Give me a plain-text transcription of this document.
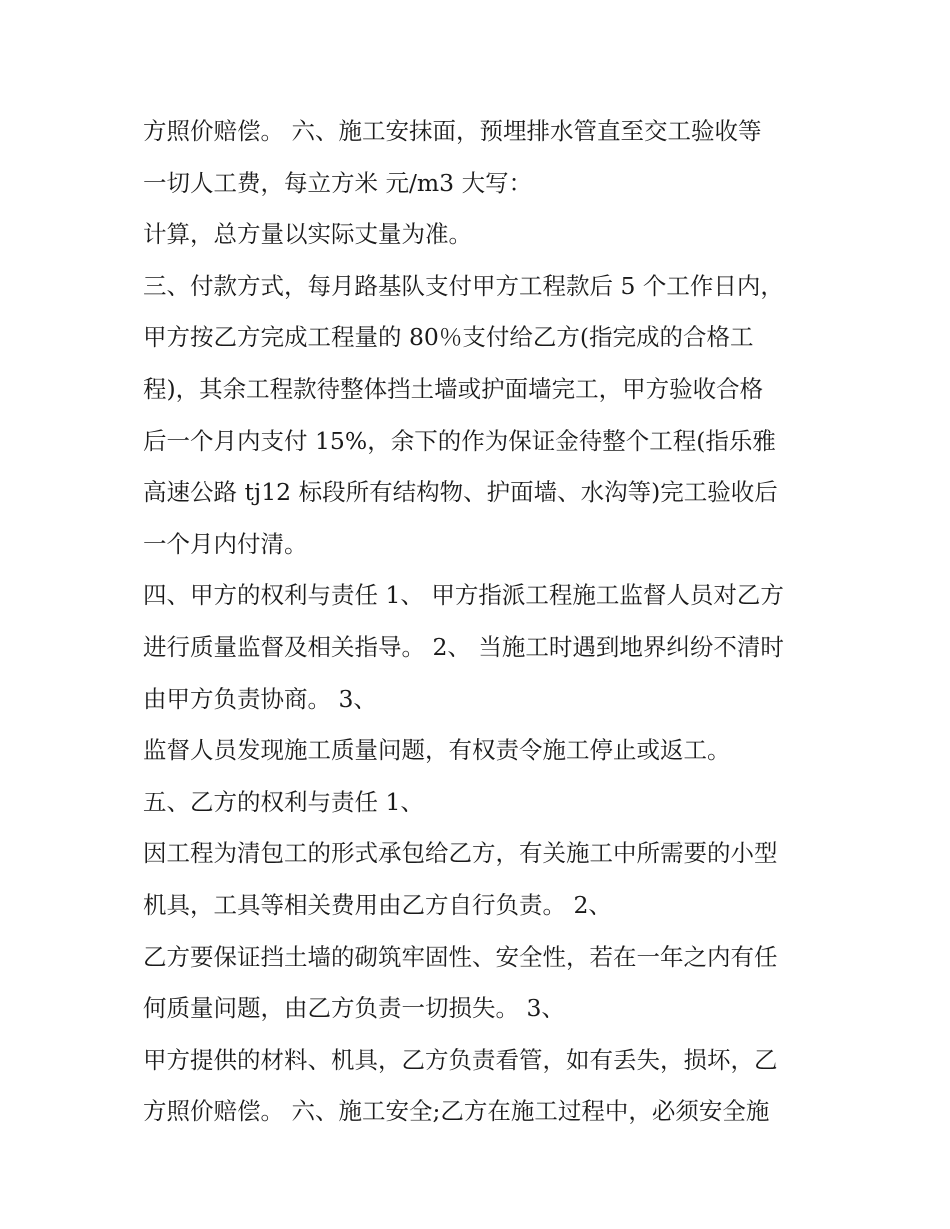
方照价赔偿。 六、施工安抹面，预埋排水管直至交工验收等
一切人工费，每立方米 元/m3 大写：
计算，总方量以实际丈量为准。
三、付款方式，每月路基队支付甲方工程款后 5 个工作日内，
甲方按乙方完成工程量的 80％支付给乙方(指完成的合格工
程)，其余工程款待整体挡土墙或护面墙完工，甲方验收合格
后一个月内支付 15%，余下的作为保证金待整个工程(指乐雅
高速公路 tj12 标段所有结构物、护面墙、水沟等)完工验收后
一个月内付清。
四、甲方的权利与责任 1、 甲方指派工程施工监督人员对乙方
进行质量监督及相关指导。 2、 当施工时遇到地界纠纷不清时
由甲方负责协商。 3、
监督人员发现施工质量问题，有权责令施工停止或返工。
五、乙方的权利与责任 1、
因工程为清包工的形式承包给乙方，有关施工中所需要的小型
机具，工具等相关费用由乙方自行负责。 2、
乙方要保证挡土墙的砌筑牢固性、安全性，若在一年之内有任
何质量问题，由乙方负责一切损失。 3、
甲方提供的材料、机具，乙方负责看管，如有丢失，损坏，乙
方照价赔偿。 六、施工安全;乙方在施工过程中，必须安全施
